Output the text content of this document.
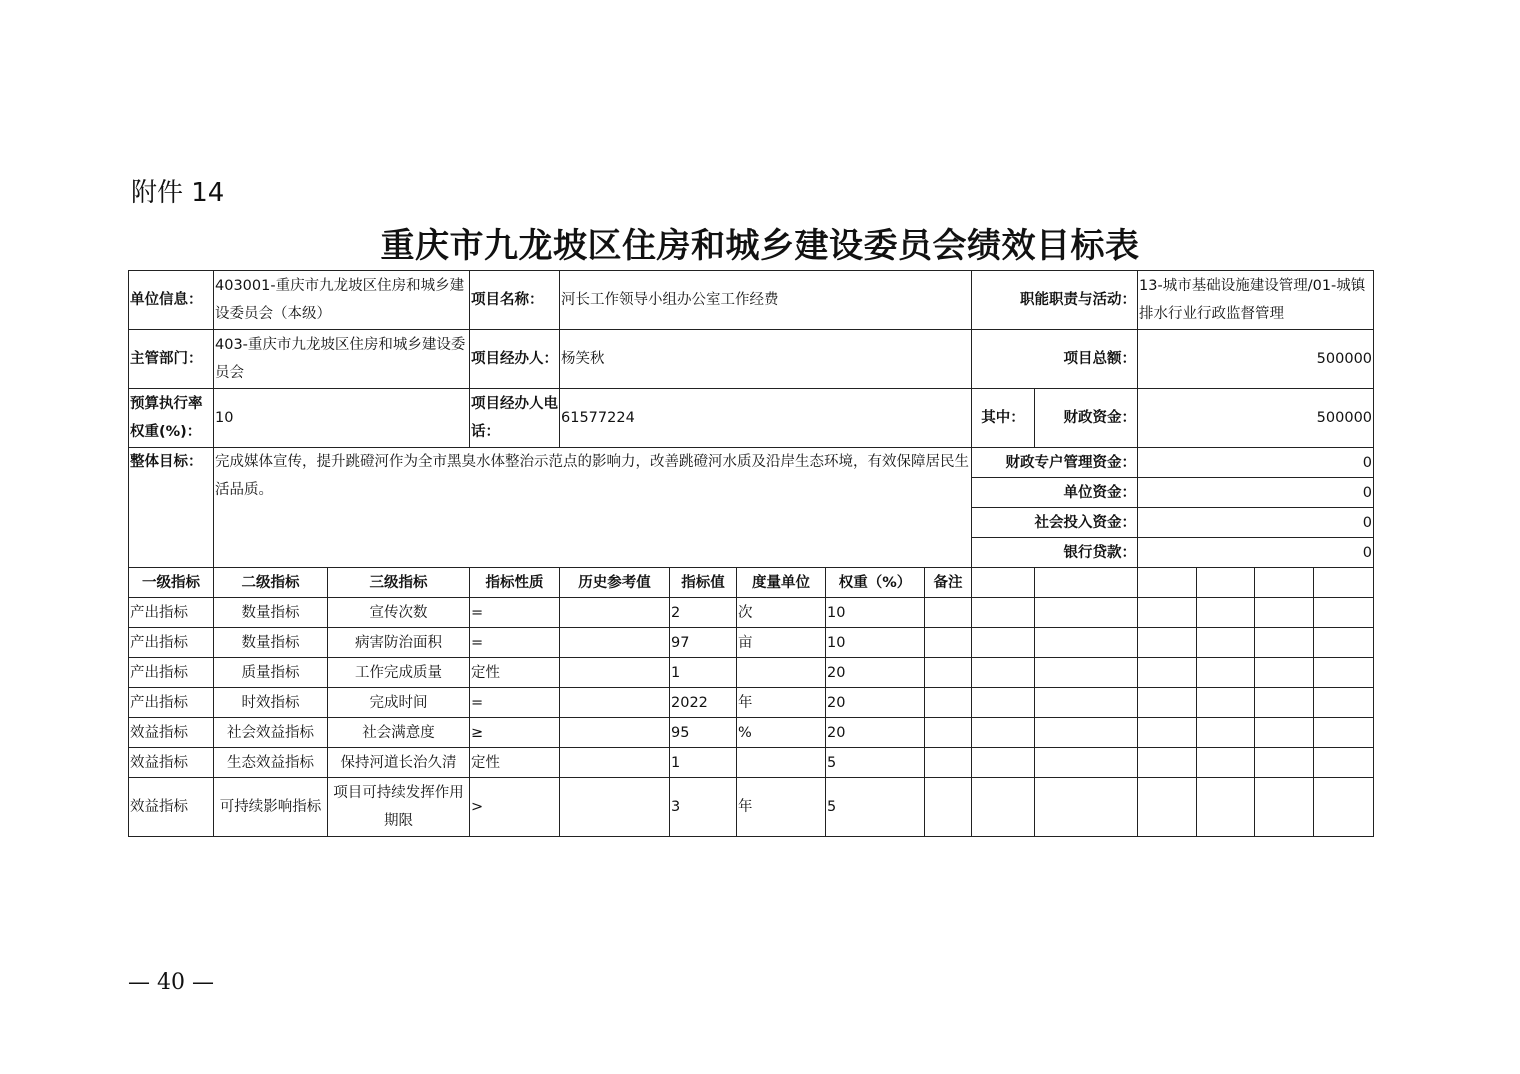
附件 14
重庆市九龙坡区住房和城乡建设委员会绩效目标表
单位信息：	403001-重庆市九龙坡区住房和城乡建设委员会（本级）		项目名称：	河长工作领导小组办公室工作经费					职能职责与活动：		13-城市基础设施建设管理/01-城镇排水行业行政监督管理			
主管部门：	403-重庆市九龙坡区住房和城乡建设委员会		项目经办人：	杨笑秋					项目总额：		500000			
预算执行率权重(%)：	10		项目经办人电话：	61577224					其中：	财政资金：	500000			
整体目标：	完成媒体宣传，提升跳磴河作为全市黑臭水体整治示范点的影响力，改善跳磴河水质及沿岸生态环境，有效保障居民生活品质。								财政专户管理资金：		0			
									单位资金：		0			
									社会投入资金：		0			
									银行贷款：		0			
一级指标	二级指标	三级指标	指标性质	历史参考值	指标值	度量单位	权重（%）	备注						
产出指标	数量指标	宣传次数	=		2	次	10							
产出指标	数量指标	病害防治面积	=		97	亩	10							
产出指标	质量指标	工作完成质量	定性		1		20							
产出指标	时效指标	完成时间	=		2022	年	20							
效益指标	社会效益指标	社会满意度	≥		95	%	20							
效益指标	生态效益指标	保持河道长治久清	定性		1		5							
效益指标	可持续影响指标	项目可持续发挥作用期限	>		3	年	5							
— 40 —
